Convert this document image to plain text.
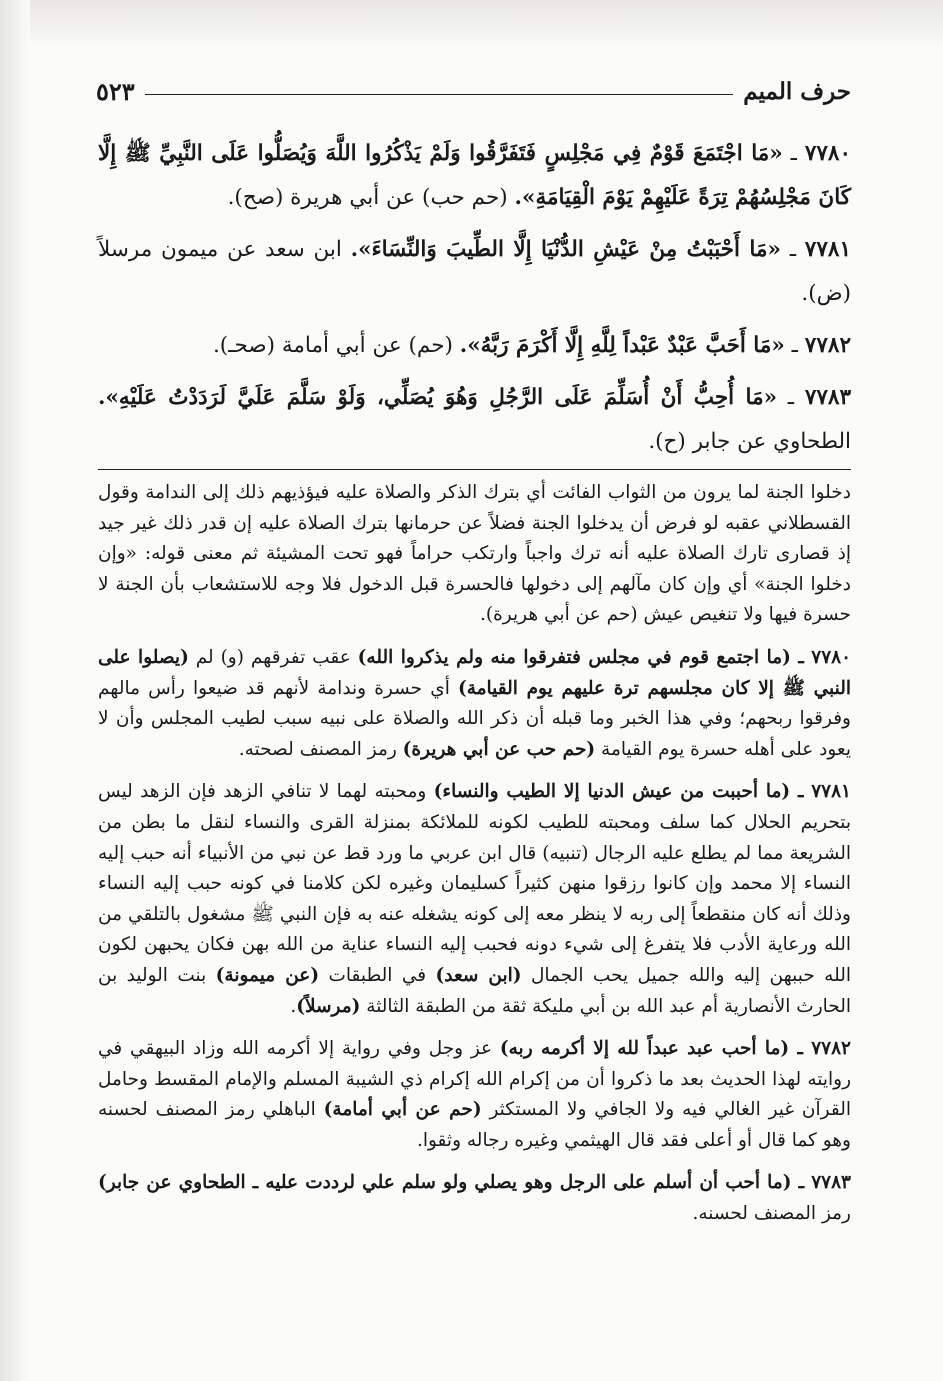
حرف الميم
٥٢٣

٧٧٨٠ ـ «مَا اجْتَمَعَ قَوْمٌ فِي مَجْلِسٍ فَتَفَرَّقُوا وَلَمْ يَذْكُرُوا اللَّهَ وَيُصَلُّوا عَلَى النَّبِيِّ ﷺ إِلَّا كَانَ مَجْلِسُهُمْ تِرَةً عَلَيْهِمْ يَوْمَ الْقِيَامَةِ». (حم حب) عن أبي هريرة (صح).

٧٧٨١ ـ «مَا أَحْبَبْتُ مِنْ عَيْشِ الدُّنْيَا إِلَّا الطِّيبَ وَالنِّسَاءَ». ابن سعد عن ميمون مرسلاً (ض).

٧٧٨٢ ـ «مَا أَحَبَّ عَبْدٌ عَبْداً لِلَّهِ إِلَّا أَكْرَمَ رَبَّهُ». (حم) عن أبي أمامة (صحـ).

٧٧٨٣ ـ «مَا أُحِبُّ أَنْ أُسَلِّمَ عَلَى الرَّجُلِ وَهُوَ يُصَلِّي، وَلَوْ سَلَّمَ عَلَيَّ لَرَدَدْتُ عَلَيْهِ». الطحاوي عن جابر (ح).

دخلوا الجنة لما يرون من الثواب الفائت أي بترك الذكر والصلاة عليه فيؤذيهم ذلك إلى الندامة وقول القسطلاني عقبه لو فرض أن يدخلوا الجنة فضلاً عن حرمانها بترك الصلاة عليه إن قدر ذلك غير جيد إذ قصارى تارك الصلاة عليه أنه ترك واجباً وارتكب حراماً فهو تحت المشيئة ثم معنى قوله: «وإن دخلوا الجنة» أي وإن كان مآلهم إلى دخولها فالحسرة قبل الدخول فلا وجه للاستشعاب بأن الجنة لا حسرة فيها ولا تنغيص عيش (حم عن أبي هريرة).

٧٧٨٠ ـ (ما اجتمع قوم في مجلس فتفرقوا منه ولم يذكروا الله) عقب تفرقهم (و) لم (يصلوا على النبي ﷺ إلا كان مجلسهم ترة عليهم يوم القيامة) أي حسرة وندامة لأنهم قد ضيعوا رأس مالهم وفرقوا ربحهم؛ وفي هذا الخبر وما قبله أن ذكر الله والصلاة على نبيه سبب لطيب المجلس وأن لا يعود على أهله حسرة يوم القيامة (حم حب عن أبي هريرة) رمز المصنف لصحته.

٧٧٨١ ـ (ما أحببت من عيش الدنيا إلا الطيب والنساء) ومحبته لهما لا تنافي الزهد فإن الزهد ليس بتحريم الحلال كما سلف ومحبته للطيب لكونه للملائكة بمنزلة القرى والنساء لنقل ما بطن من الشريعة مما لم يطلع عليه الرجال (تنبيه) قال ابن عربي ما ورد قط عن نبي من الأنبياء أنه حبب إليه النساء إلا محمد وإن كانوا رزقوا منهن كثيراً كسليمان وغيره لكن كلامنا في كونه حبب إليه النساء وذلك أنه كان منقطعاً إلى ربه لا ينظر معه إلى كونه يشغله عنه به فإن النبي ﷺ مشغول بالتلقي من الله ورعاية الأدب فلا يتفرغ إلى شيء دونه فحبب إليه النساء عناية من الله بهن فكان يحبهن لكون الله حببهن إليه والله جميل يحب الجمال (ابن سعد) في الطبقات (عن ميمونة) بنت الوليد بن الحارث الأنصارية أم عبد الله بن أبي مليكة ثقة من الطبقة الثالثة (مرسلاً).

٧٧٨٢ ـ (ما أحب عبد عبداً لله إلا أكرمه ربه) عز وجل وفي رواية إلا أكرمه الله وزاد البيهقي في روايته لهذا الحديث بعد ما ذكروا أن من إكرام الله إكرام ذي الشيبة المسلم والإمام المقسط وحامل القرآن غير الغالي فيه ولا الجافي ولا المستكثر (حم عن أبي أمامة) الباهلي رمز المصنف لحسنه وهو كما قال أو أعلى فقد قال الهيثمي وغيره رجاله وثقوا.

٧٧٨٣ ـ (ما أحب أن أسلم على الرجل وهو يصلي ولو سلم علي لرددت عليه ـ الطحاوي عن جابر) رمز المصنف لحسنه.
